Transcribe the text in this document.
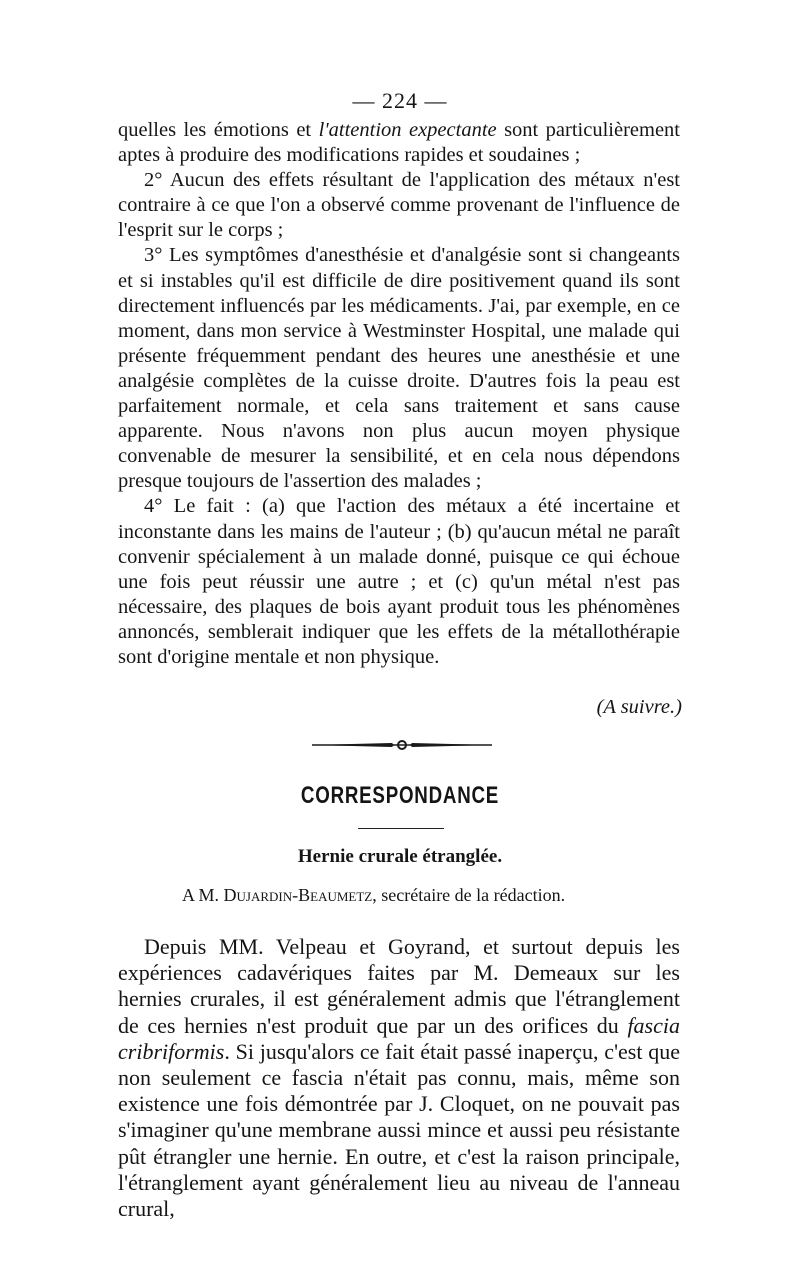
— 224 —

quelles les émotions et l'attention expectante sont particulièrement aptes à produire des modifications rapides et soudaines ;

2° Aucun des effets résultant de l'application des métaux n'est contraire à ce que l'on a observé comme provenant de l'influence de l'esprit sur le corps ;

3° Les symptômes d'anesthésie et d'analgésie sont si changeants et si instables qu'il est difficile de dire positivement quand ils sont directement influencés par les médicaments. J'ai, par exemple, en ce moment, dans mon service à Westminster Hospital, une malade qui présente fréquemment pendant des heures une anesthésie et une analgésie complètes de la cuisse droite. D'autres fois la peau est parfaitement normale, et cela sans traitement et sans cause apparente. Nous n'avons non plus aucun moyen physique convenable de mesurer la sensibilité, et en cela nous dépendons presque toujours de l'assertion des malades ;

4° Le fait : (a) que l'action des métaux a été incertaine et inconstante dans les mains de l'auteur ; (b) qu'aucun métal ne paraît convenir spécialement à un malade donné, puisque ce qui échoue une fois peut réussir une autre ; et (c) qu'un métal n'est pas nécessaire, des plaques de bois ayant produit tous les phénomènes annoncés, semblerait indiquer que les effets de la métallothérapie sont d'origine mentale et non physique.

(A suivre.)
CORRESPONDANCE
Hernie crurale étranglée.
A M. Dujardin-Beaumetz, secrétaire de la rédaction.

Depuis MM. Velpeau et Goyrand, et surtout depuis les expériences cadavériques faites par M. Demeaux sur les hernies crurales, il est généralement admis que l'étranglement de ces hernies n'est produit que par un des orifices du fascia cribriformis. Si jusqu'alors ce fait était passé inaperçu, c'est que non seulement ce fascia n'était pas connu, mais, même son existence une fois démontrée par J. Cloquet, on ne pouvait pas s'imaginer qu'une membrane aussi mince et aussi peu résistante pût étrangler une hernie. En outre, et c'est la raison principale, l'étranglement ayant généralement lieu au niveau de l'anneau crural,
